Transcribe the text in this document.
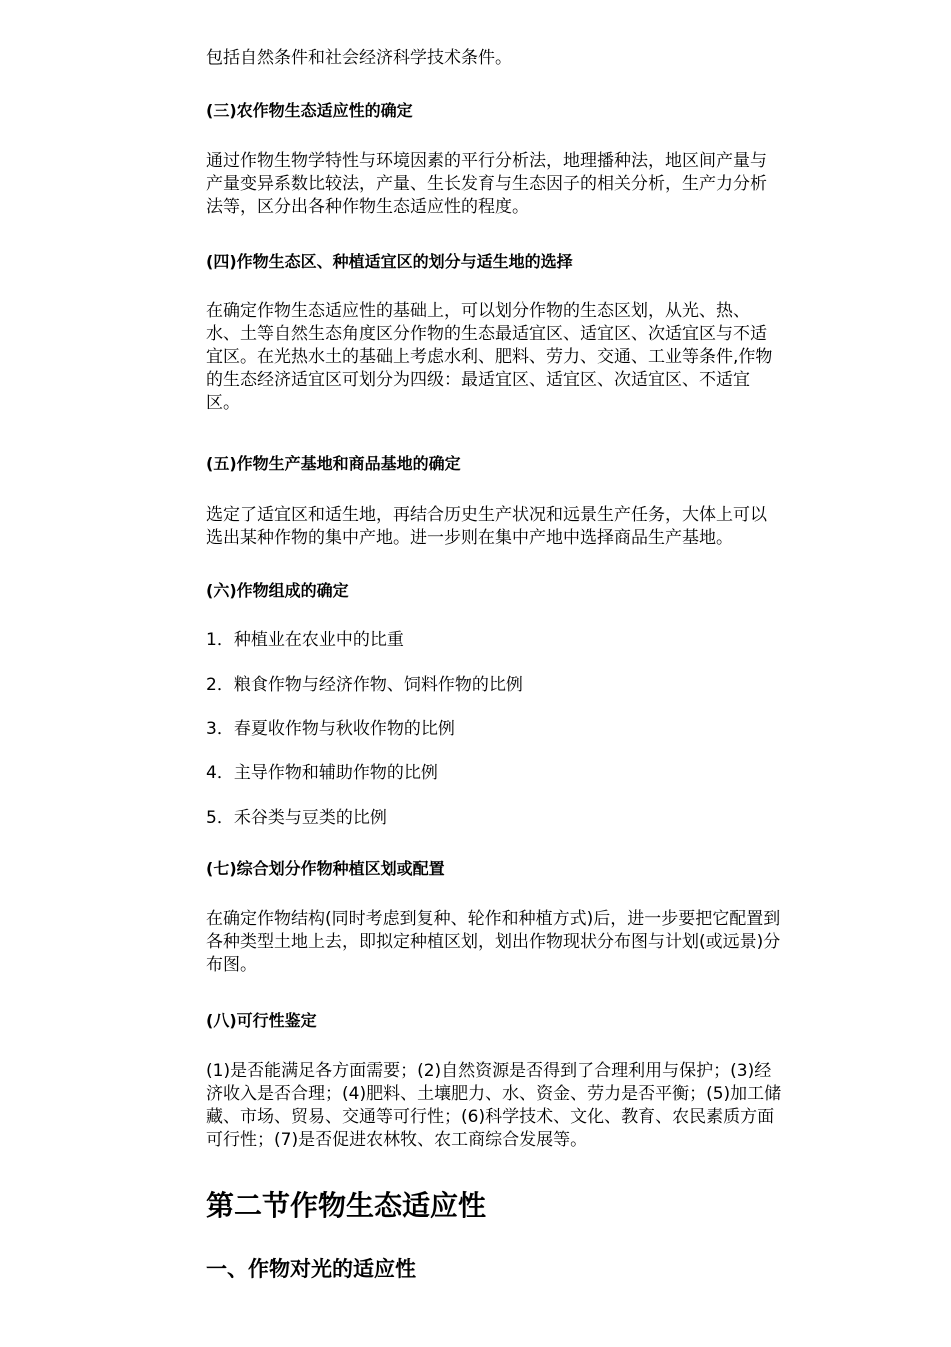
包括自然条件和社会经济科学技术条件。

(三)农作物生态适应性的确定

通过作物生物学特性与环境因素的平行分析法，地理播种法，地区间产量与
产量变异系数比较法，产量、生长发育与生态因子的相关分析，生产力分析
法等，区分出各种作物生态适应性的程度。

(四)作物生态区、种植适宜区的划分与适生地的选择

在确定作物生态适应性的基础上，可以划分作物的生态区划，从光、热、
水、土等自然生态角度区分作物的生态最适宜区、适宜区、次适宜区与不适
宜区。在光热水土的基础上考虑水利、肥料、劳力、交通、工业等条件,作物
的生态经济适宜区可划分为四级：最适宜区、适宜区、次适宜区、不适宜
区。

(五)作物生产基地和商品基地的确定

选定了适宜区和适生地，再结合历史生产状况和远景生产任务，大体上可以
选出某种作物的集中产地。进一步则在集中产地中选择商品生产基地。

(六)作物组成的确定

1．种植业在农业中的比重

2．粮食作物与经济作物、饲料作物的比例

3．春夏收作物与秋收作物的比例

4．主导作物和辅助作物的比例

5．禾谷类与豆类的比例

(七)综合划分作物种植区划或配置

在确定作物结构(同时考虑到复种、轮作和种植方式)后，进一步要把它配置到
各种类型土地上去，即拟定种植区划，划出作物现状分布图与计划(或远景)分
布图。

(八)可行性鉴定

(1)是否能满足各方面需要；(2)自然资源是否得到了合理利用与保护；(3)经
济收入是否合理；(4)肥料、土壤肥力、水、资金、劳力是否平衡；(5)加工储
藏、市场、贸易、交通等可行性；(6)科学技术、文化、教育、农民素质方面
可行性；(7)是否促进农林牧、农工商综合发展等。

第二节作物生态适应性

一、作物对光的适应性
